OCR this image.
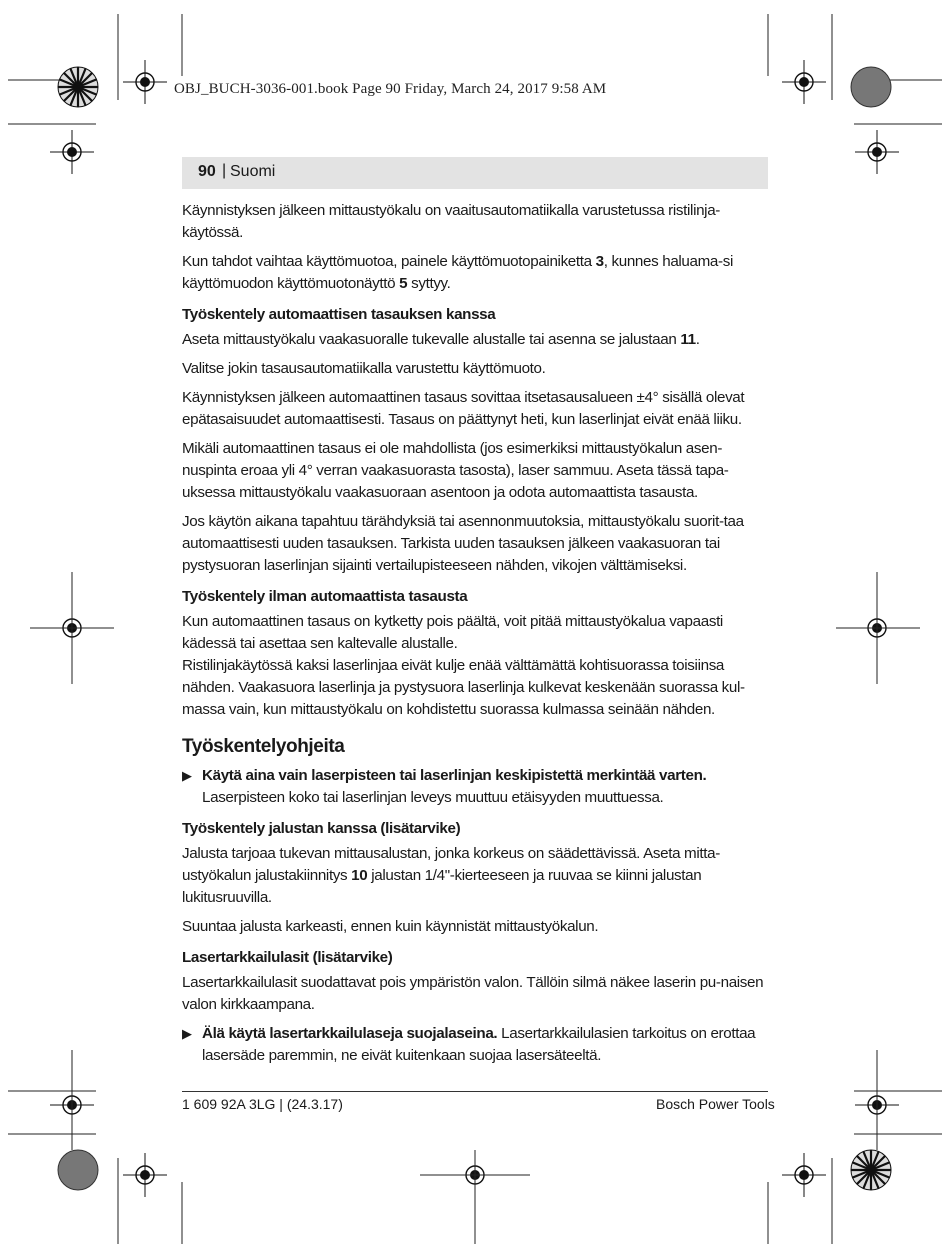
OBJ_BUCH-3036-001.book Page 90 Friday, March 24, 2017 9:58 AM
90 | Suomi

Käynnistyksen jälkeen mittaustyökalu on vaaitusautomatiikalla varustetussa ristilinja-käytössä.

Kun tahdot vaihtaa käyttömuotoa, painele käyttömuotopainiketta 3, kunnes haluama-si käyttömuodon käyttömuotonäyttö 5 syttyy.

Työskentely automaattisen tasauksen kanssa

Aseta mittaustyökalu vaakasuoralle tukevalle alustalle tai asenna se jalustaan 11.

Valitse jokin tasausautomatiikalla varustettu käyttömuoto.

Käynnistyksen jälkeen automaattinen tasaus sovittaa itsetasausalueen ±4° sisällä olevat epätasaisuudet automaattisesti. Tasaus on päättynyt heti, kun laserlinjat eivät enää liiku.

Mikäli automaattinen tasaus ei ole mahdollista (jos esimerkiksi mittaustyökalun asen-nuspinta eroaa yli 4° verran vaakasuorasta tasosta), laser sammuu. Aseta tässä tapa-uksessa mittaustyökalu vaakasuoraan asentoon ja odota automaattista tasausta.

Jos käytön aikana tapahtuu tärähdyksiä tai asennonmuutoksia, mittaustyökalu suorit-taa automaattisesti uuden tasauksen. Tarkista uuden tasauksen jälkeen vaakasuoran tai pystysuoran laserlinjan sijainti vertailupisteeseen nähden, vikojen välttämiseksi.

Työskentely ilman automaattista tasausta

Kun automaattinen tasaus on kytketty pois päältä, voit pitää mittaustyökalua vapaasti kädessä tai asettaa sen kaltevalle alustalle.

Ristilinjakäytössä kaksi laserlinjaa eivät kulje enää välttämättä kohtisuorassa toisiinsa nähden. Vaakasuora laserlinja ja pystysuora laserlinja kulkevat keskenään suorassa kul-massa vain, kun mittaustyökalu on kohdistettu suorassa kulmassa seinään nähden.

Työskentelyohjeita
▶ Käytä aina vain laserpisteen tai laserlinjan keskipistettä merkintää varten.
Laserpisteen koko tai laserlinjan leveys muuttuu etäisyyden muuttuessa.
Työskentely jalustan kanssa (lisätarvike)

Jalusta tarjoaa tukevan mittausalustan, jonka korkeus on säädettävissä. Aseta mitta-ustyökalun jalustakiinnitys 10 jalustan 1/4"-kierteeseen ja ruuvaa se kiinni jalustan lukitusruuvilla.

Suuntaa jalusta karkeasti, ennen kuin käynnistät mittaustyökalun.

Lasertarkkailulasit (lisätarvike)

Lasertarkkailulasit suodattavat pois ympäristön valon. Tällöin silmä näkee laserin pu-naisen valon kirkkaampana.

▶ Älä käytä lasertarkkailulaseja suojalaseina. Lasertarkkailulasien tarkoitus on erottaa lasersäde paremmin, ne eivät kuitenkaan suojaa lasersäteeltä.
1 609 92A 3LG | (24.3.17)	Bosch Power Tools
